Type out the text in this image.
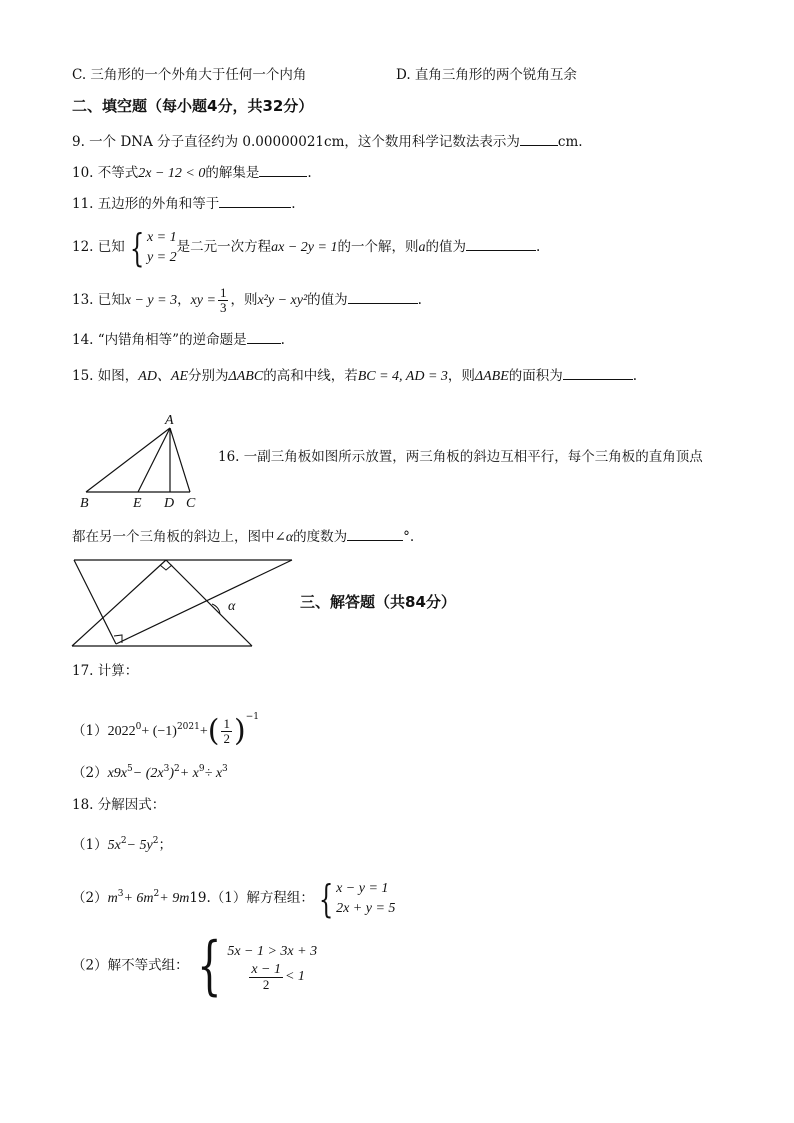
C. 三角形的一个外角大于任何一个内角	D. 直角三角形的两个锐角互余
二、填空题（每小题4分，共32分）
9. 一个 DNA 分子直径约为 0.00000021cm，这个数用科学记数法表示为	cm.
10. 不等式2x − 12 < 0的解集是	.
11. 五边形的外角和等于	.
12. 已知 { x = 1
y = 2
是二元一次方程ax − 2y = 1的一个解，则a的值为	.
13. 已知x − y = 3，xy = $\frac{1}{3}$ ，则x²y − xy²的值为	.
14. “内错角相等”的逆命题是	.
15. 如图，AD、AE分别为ΔABC的高和中线，若BC = 4, AD = 3，则ΔABE的面积为	.
A
B	E D C
16. 一副三角板如图所示放置，两三角板的斜边互相平行，每个三角板的直角顶点
都在另一个三角板的斜边上，图中∠α的度数为	°.
α	三、解答题（共84分）
17. 计算：
$(1)2022^0+ (-1)^{2021}+( \frac{1}{2} )^{-1}$
$(2)x9x^5- (2x^3)^2+ x^9\div x^3$
18. 分解因式：
$(1)5x^2- 5y^2$；
$(2)m^3+ 6m^2+ 9m19.(1)$解方程组： { x − y = 1
2x + y = 5
（2）解不等式组： { 5x − 1 > 3x + 3
$\frac{x - 1}{2} < 1$
